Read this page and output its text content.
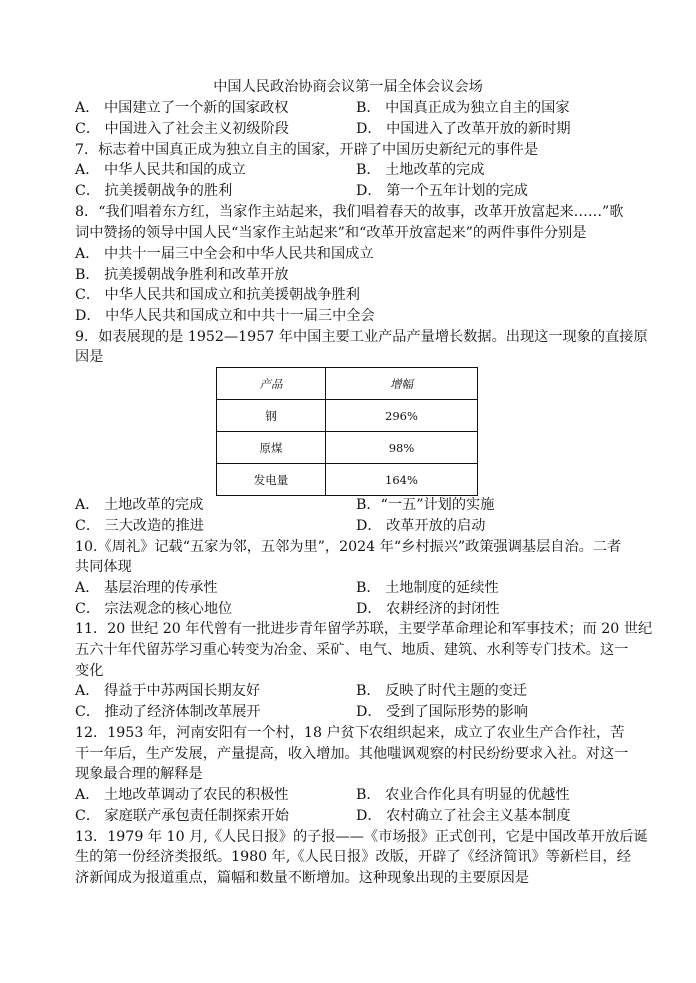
中国人民政治协商会议第一届全体会议会场
A． 中国建立了一个新的国家政权	B． 中国真正成为独立自主的国家
C． 中国进入了社会主义初级阶段	D． 中国进入了改革开放的新时期
7．标志着中国真正成为独立自主的国家，开辟了中国历史新纪元的事件是
A． 中华人民共和国的成立	B． 土地改革的完成
C． 抗美援朝战争的胜利	D． 第一个五年计划的完成
8．“我们唱着东方红，当家作主站起来，我们唱着春天的故事，改革开放富起来……”歌
词中赞扬的领导中国人民“当家作主站起来”和“改革开放富起来”的两件事件分别是
A． 中共十一届三中全会和中华人民共和国成立
B． 抗美援朝战争胜利和改革开放
C． 中华人民共和国成立和抗美援朝战争胜利
D． 中华人民共和国成立和中共十一届三中全会
9．如表展现的是 1952—1957 年中国主要工业产品产量增长数据。出现这一现象的直接原
因是
产品	增幅
钢	296%
原煤	98%
发电量	164%
A． 土地改革的完成	B．“一五”计划的实施
C． 三大改造的推进	D． 改革开放的启动
10.《周礼》记载“五家为邻，五邻为里”，2024 年“乡村振兴”政策强调基层自治。二者
共同体现
A． 基层治理的传承性	B． 土地制度的延续性
C． 宗法观念的核心地位	D． 农耕经济的封闭性
11．20 世纪 20 年代曾有一批进步青年留学苏联，主要学革命理论和军事技术；而 20 世纪
五六十年代留苏学习重心转变为冶金、采矿、电气、地质、建筑、水利等专门技术。这一
变化
A． 得益于中苏两国长期友好	B． 反映了时代主题的变迁
C． 推动了经济体制改革展开	D． 受到了国际形势的影响
12．1953 年，河南安阳有一个村，18 户贫下农组织起来，成立了农业生产合作社，苦
干一年后，生产发展，产量提高，收入增加。其他嗤讽观察的村民纷纷要求入社。对这一
现象最合理的解释是
A． 土地改革调动了农民的积极性	B． 农业合作化具有明显的优越性
C． 家庭联产承包责任制探索开始	D． 农村确立了社会主义基本制度
13．1979 年 10 月,《人民日报》的子报——《市场报》正式创刊，它是中国改革开放后诞
生的第一份经济类报纸。1980 年,《人民日报》改版，开辟了《经济简讯》等新栏目，经
济新闻成为报道重点，篇幅和数量不断增加。这种现象出现的主要原因是
